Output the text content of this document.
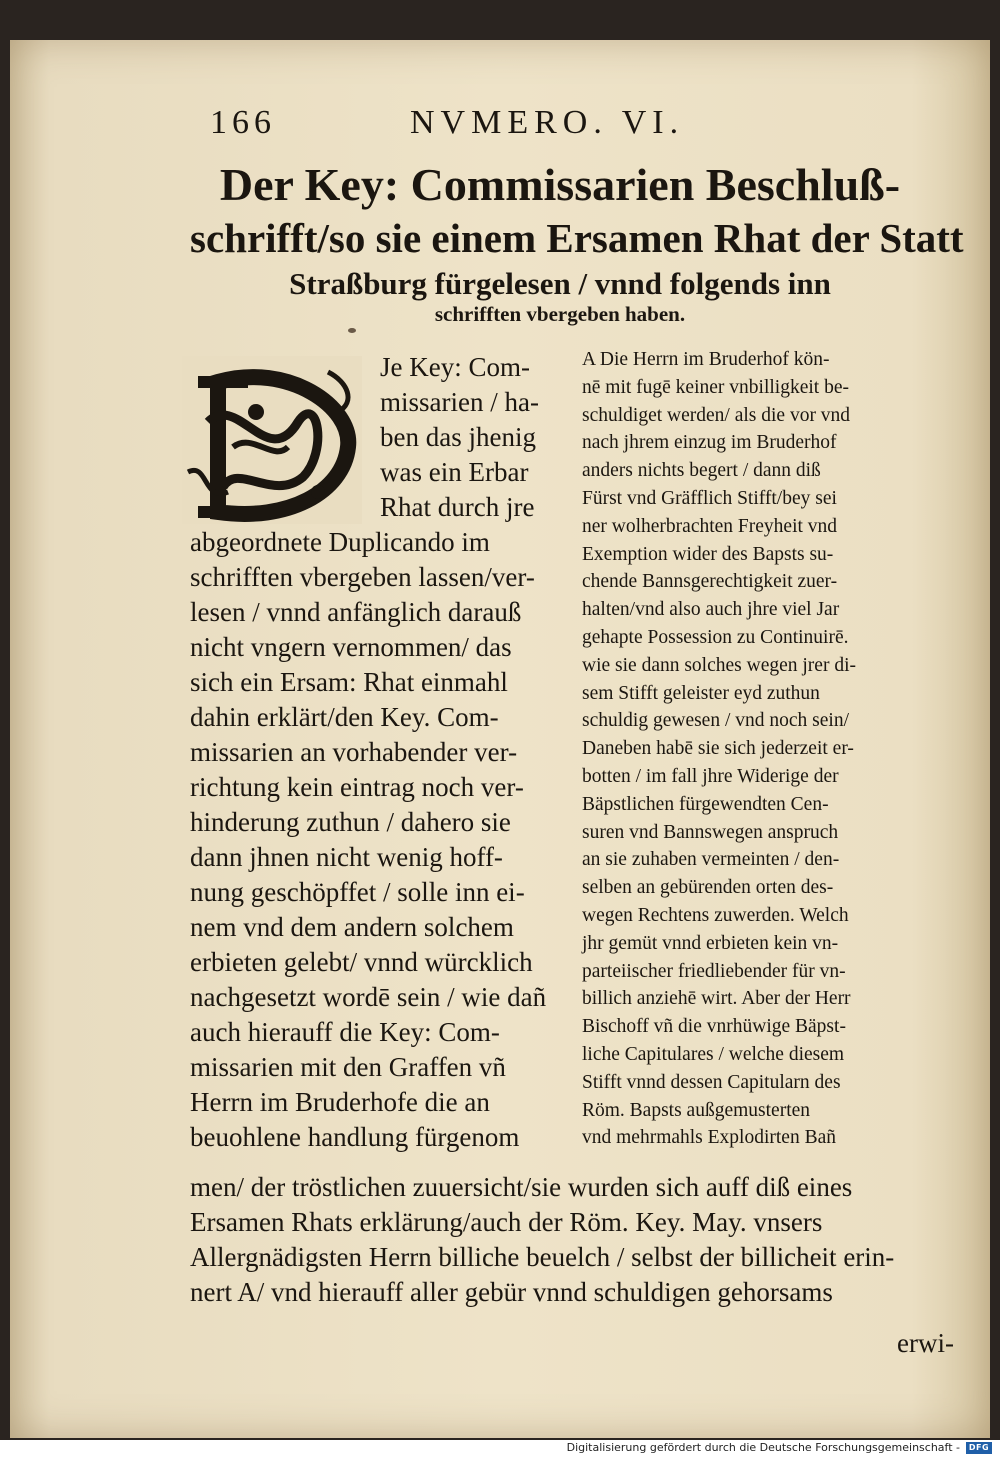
166	NVMERO. VI.
Der Key: Commissarien Beschluß-
schrifft/so sie einem Ersamen Rhat der Statt
Straßburg fürgelesen / vnnd folgends inn
schrifften vbergeben haben.
Je Key: Com-
missarien / ha-
ben das jhenig
was ein Erbar
Rhat durch jre
abgeordnete Duplicando im
schrifften vbergeben lassen/ver-
lesen / vnnd anfänglich darauß
nicht vngern vernommen/ das
sich ein Ersam: Rhat einmahl
dahin erklärt/den Key. Com-
missarien an vorhabender ver-
richtung kein eintrag noch ver-
hinderung zuthun / dahero sie
dann jhnen nicht wenig hoff-
nung geschöpffet / solle inn ei-
nem vnd dem andern solchem
erbieten gelebt/ vnnd würcklich
nachgesetzt wordē sein / wie dañ
auch hierauff die Key: Com-
missarien mit den Graffen vñ
Herrn im Bruderhofe die an
beuohlene handlung fürgenom
A Die Herrn im Bruderhof kön-
nē mit fugē keiner vnbilligkeit be-
schuldiget werden/ als die vor vnd
nach jhrem einzug im Bruderhof
anders nichts begert / dann diß
Fürst vnd Gräfflich Stifft/bey sei
ner wolherbrachten Freyheit vnd
Exemption wider des Bapsts su-
chende Bannsgerechtigkeit zuer-
halten/vnd also auch jhre viel Jar
gehapte Possession zu Continuirē.
wie sie dann solches wegen jrer di-
sem Stifft geleister eyd zuthun
schuldig gewesen / vnd noch sein/
Daneben habē sie sich jederzeit er-
botten / im fall jhre Widerige der
Bäpstlichen fürgewendten Cen-
suren vnd Bannswegen anspruch
an sie zuhaben vermeinten / den-
selben an gebürenden orten des-
wegen Rechtens zuwerden. Welch
jhr gemüt vnnd erbieten kein vn-
parteiischer friedliebender für vn-
billich anziehē wirt. Aber der Herr
Bischoff vñ die vnrhüwige Bäpst-
liche Capitulares / welche diesem
Stifft vnnd dessen Capitularn des
Röm. Bapsts außgemusterten
vnd mehrmahls Explodirten Bañ
men/ der tröstlichen zuuersicht/sie wurden sich auff diß eines
Ersamen Rhats erklärung/auch der Röm. Key. May. vnsers
Allergnädigsten Herrn billiche beuelch / selbst der billicheit erin-
nert A/ vnd hierauff aller gebür vnnd schuldigen gehorsams
erwi-
Digitalisierung gefördert durch die Deutsche Forschungsgemeinschaft -	DFG
